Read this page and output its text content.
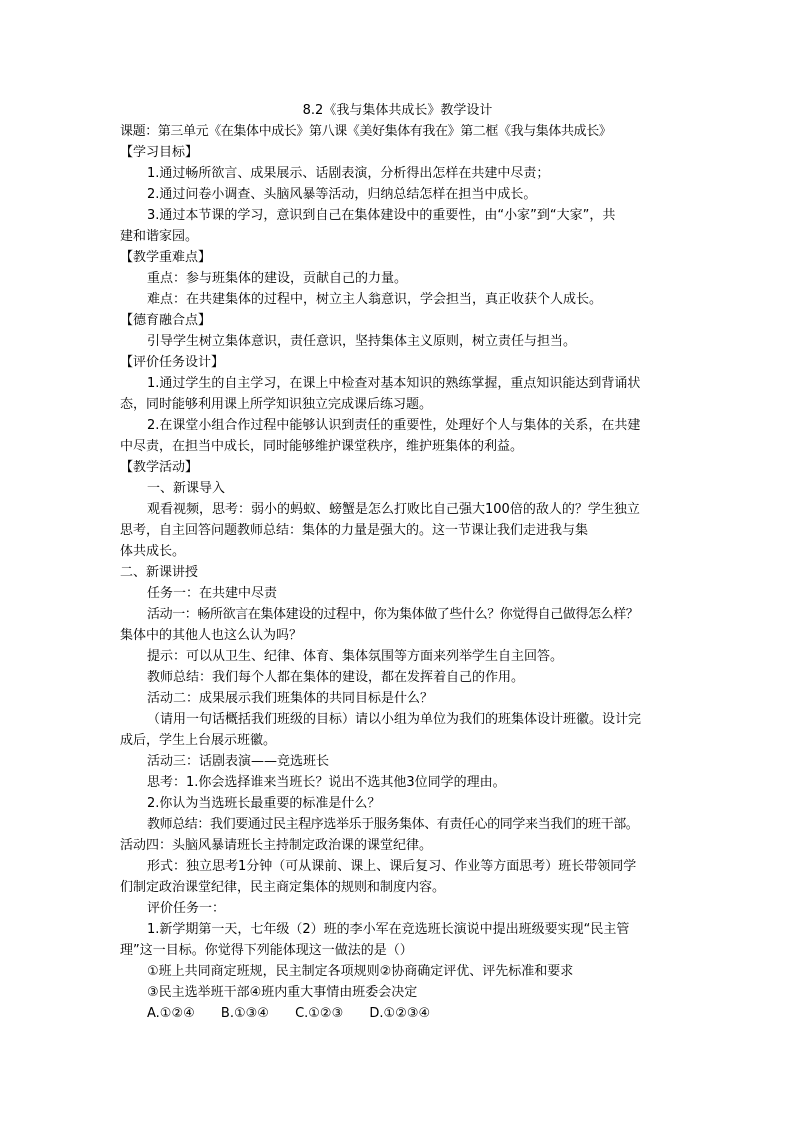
8.2《我与集体共成长》教学设计
课题：第三单元《在集体中成长》第八课《美好集体有我在》第二框《我与集体共成长》
【学习目标】
1.通过畅所欲言、成果展示、话剧表演，分析得出怎样在共建中尽责；
2.通过问卷小调查、头脑风暴等活动，归纳总结怎样在担当中成长。
3.通过本节课的学习，意识到自己在集体建设中的重要性，由“小家”到“大家”，共
建和谐家园。
【教学重难点】
重点：参与班集体的建设，贡献自己的力量。
难点：在共建集体的过程中，树立主人翁意识，学会担当，真正收获个人成长。
【德育融合点】
引导学生树立集体意识，责任意识，坚持集体主义原则，树立责任与担当。
【评价任务设计】
1.通过学生的自主学习，在课上中检查对基本知识的熟练掌握，重点知识能达到背诵状
态，同时能够利用课上所学知识独立完成课后练习题。
2.在课堂小组合作过程中能够认识到责任的重要性，处理好个人与集体的关系，在共建
中尽责，在担当中成长，同时能够维护课堂秩序，维护班集体的利益。
【教学活动】
一、新课导入
观看视频，思考：弱小的蚂蚁、螃蟹是怎么打败比自己强大100倍的敌人的？学生独立
思考，自主回答问题教师总结：集体的力量是强大的。这一节课让我们走进我与集
体共成长。
二、新课讲授
任务一：在共建中尽责
活动一：畅所欲言在集体建设的过程中，你为集体做了些什么？你觉得自己做得怎么样？
集体中的其他人也这么认为吗？
提示：可以从卫生、纪律、体育、集体氛围等方面来列举学生自主回答。
教师总结：我们每个人都在集体的建设，都在发挥着自己的作用。
活动二：成果展示我们班集体的共同目标是什么？
（请用一句话概括我们班级的目标）请以小组为单位为我们的班集体设计班徽。设计完
成后，学生上台展示班徽。
活动三：话剧表演——竞选班长
思考：1.你会选择谁来当班长？说出不选其他3位同学的理由。
2.你认为当选班长最重要的标准是什么？
教师总结：我们要通过民主程序选举乐于服务集体、有责任心的同学来当我们的班干部。
活动四：头脑风暴请班长主持制定政治课的课堂纪律。
形式：独立思考1分钟（可从课前、课上、课后复习、作业等方面思考）班长带领同学
们制定政治课堂纪律，民主商定集体的规则和制度内容。
评价任务一：
1.新学期第一天，七年级（2）班的李小军在竞选班长演说中提出班级要实现“民主管
理”这一目标。你觉得下列能体现这一做法的是（）
①班上共同商定班规，民主制定各项规则②协商确定评优、评先标准和要求
③民主选举班干部④班内重大事情由班委会决定
A.①②④ B.①③④ C.①②③ D.①②③④
